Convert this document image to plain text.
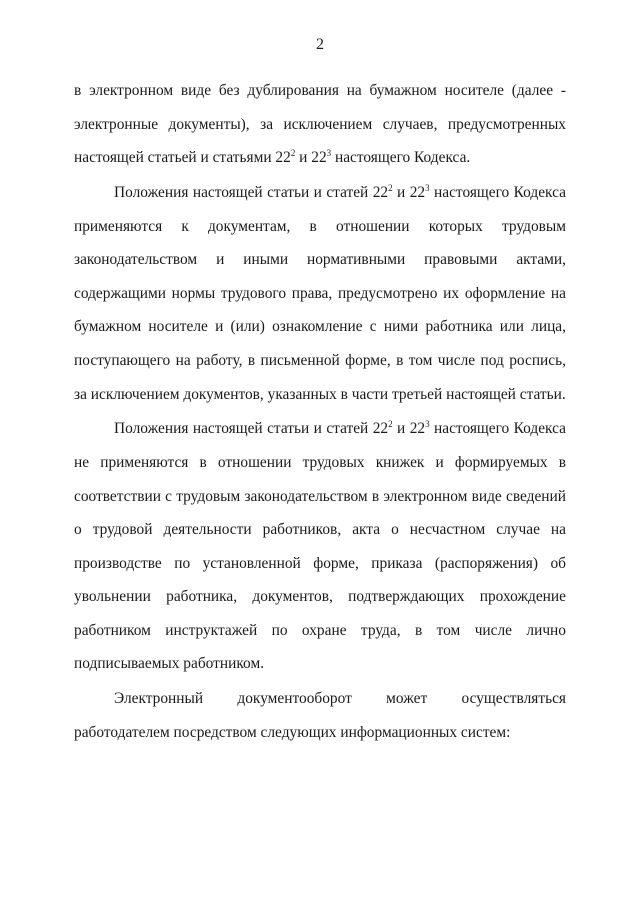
2
в электронном виде без дублирования на бумажном носителе (далее -
электронные документы), за исключением случаев, предусмотренных
настоящей статьей и статьями $22^2$ и $22^3$ настоящего Кодекса.
Положения настоящей статьи и статей $22^2$ и $22^3$ настоящего Кодекса
применяются к документам, в отношении которых трудовым
законодательством и иными нормативными правовыми актами,
содержащими нормы трудового права, предусмотрено их оформление на
бумажном носителе и (или) ознакомление с ними работника или лица,
поступающего на работу, в письменной форме, в том числе под роспись,
за исключением документов, указанных в части третьей настоящей статьи.
Положения настоящей статьи и статей $22^2$ и $22^3$ настоящего Кодекса
не применяются в отношении трудовых книжек и формируемых в
соответствии с трудовым законодательством в электронном виде сведений
о трудовой деятельности работников, акта о несчастном случае на
производстве по установленной форме, приказа (распоряжения) об
увольнении работника, документов, подтверждающих прохождение
работником инструктажей по охране труда, в том числе лично
подписываемых работником.
Электронный документооборот может осуществляться
работодателем посредством следующих информационных систем:
